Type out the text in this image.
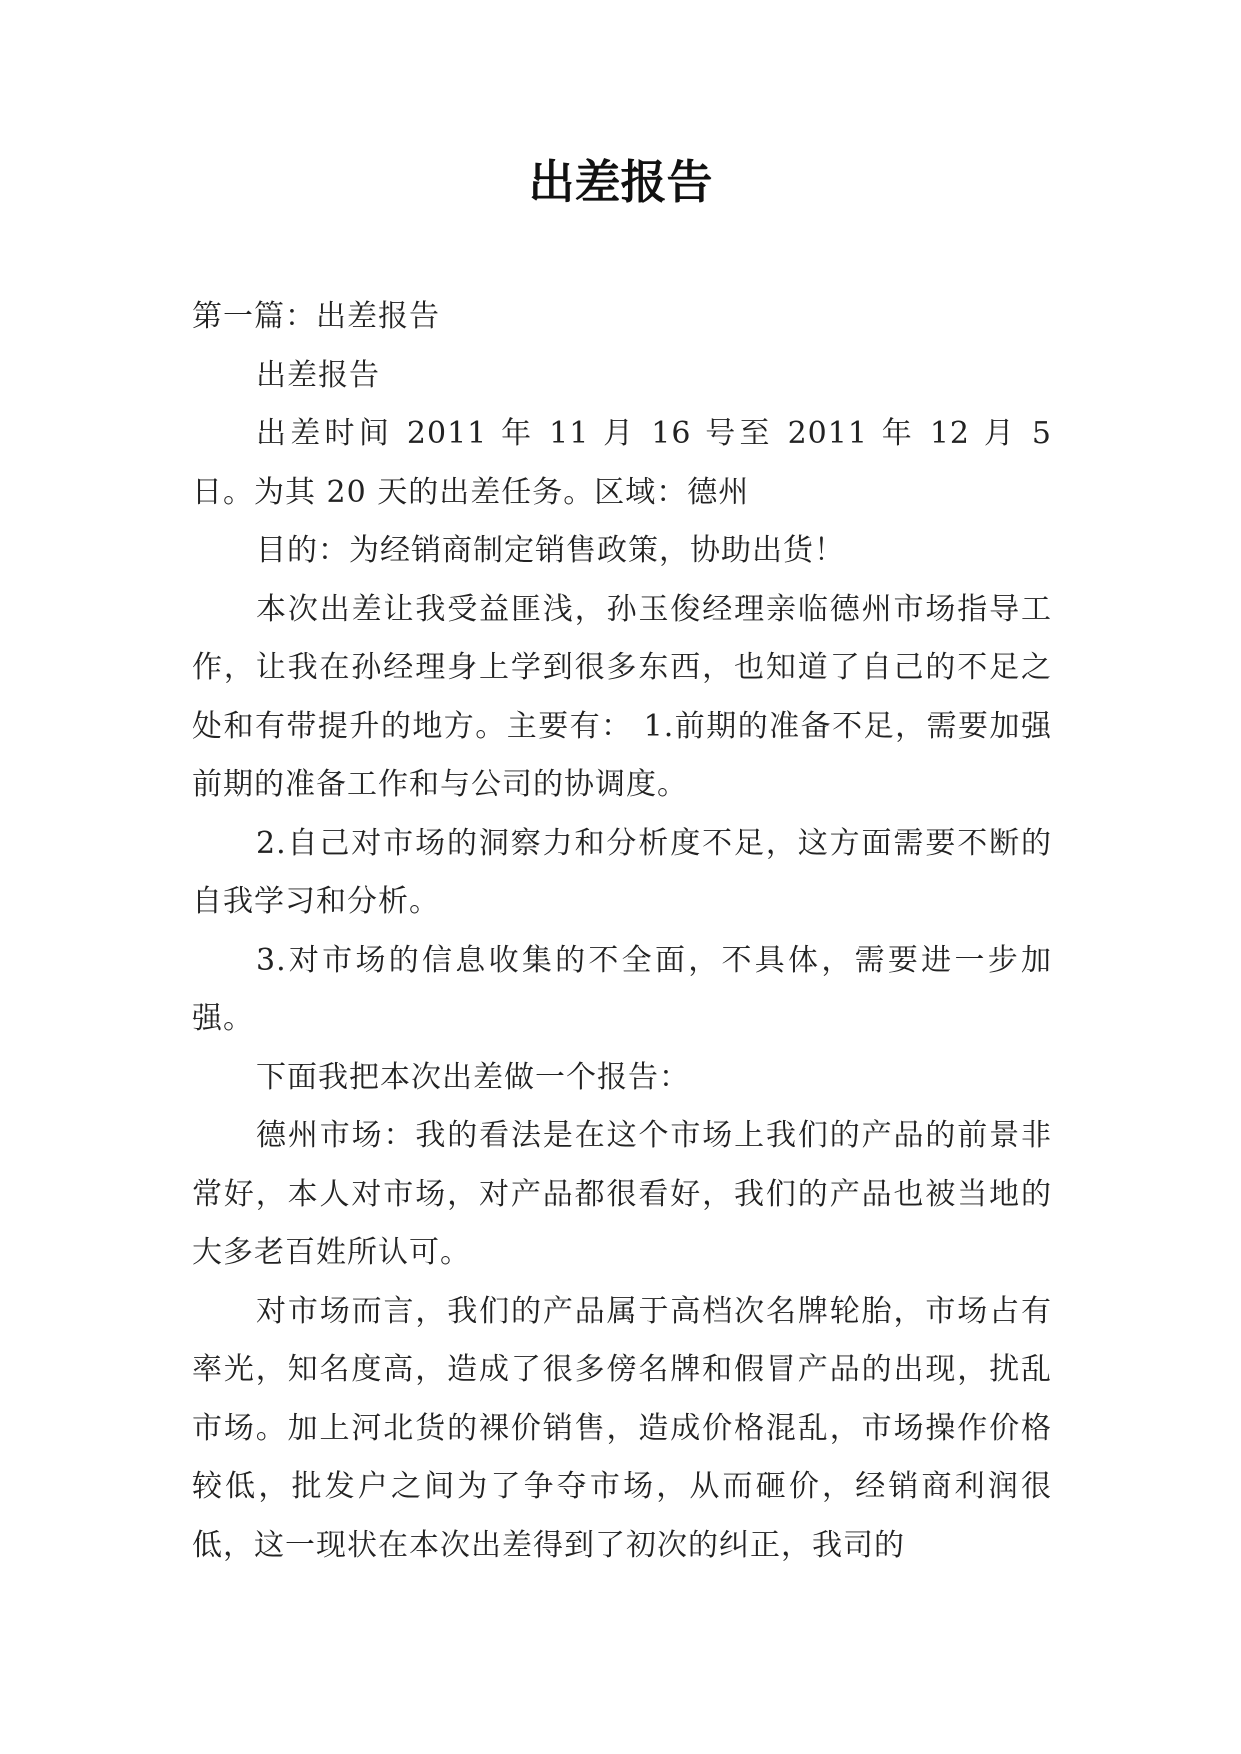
出差报告

第一篇：出差报告

出差报告

出差时间 2011 年 11 月 16 号至 2011 年 12 月 5 日。为其 20 天的出差任务。区域：德州

目的：为经销商制定销售政策，协助出货！

本次出差让我受益匪浅，孙玉俊经理亲临德州市场指导工作，让我在孙经理身上学到很多东西，也知道了自己的不足之处和有带提升的地方。主要有： 1.前期的准备不足，需要加强前期的准备工作和与公司的协调度。

2.自己对市场的洞察力和分析度不足，这方面需要不断的自我学习和分析。

3.对市场的信息收集的不全面，不具体，需要进一步加强。

下面我把本次出差做一个报告：

德州市场：我的看法是在这个市场上我们的产品的前景非常好，本人对市场，对产品都很看好，我们的产品也被当地的大多老百姓所认可。

对市场而言，我们的产品属于高档次名牌轮胎，市场占有率光，知名度高，造成了很多傍名牌和假冒产品的出现，扰乱市场。加上河北货的裸价销售，造成价格混乱，市场操作价格较低，批发户之间为了争夺市场，从而砸价，经销商利润很低，这一现状在本次出差得到了初次的纠正，我司的
